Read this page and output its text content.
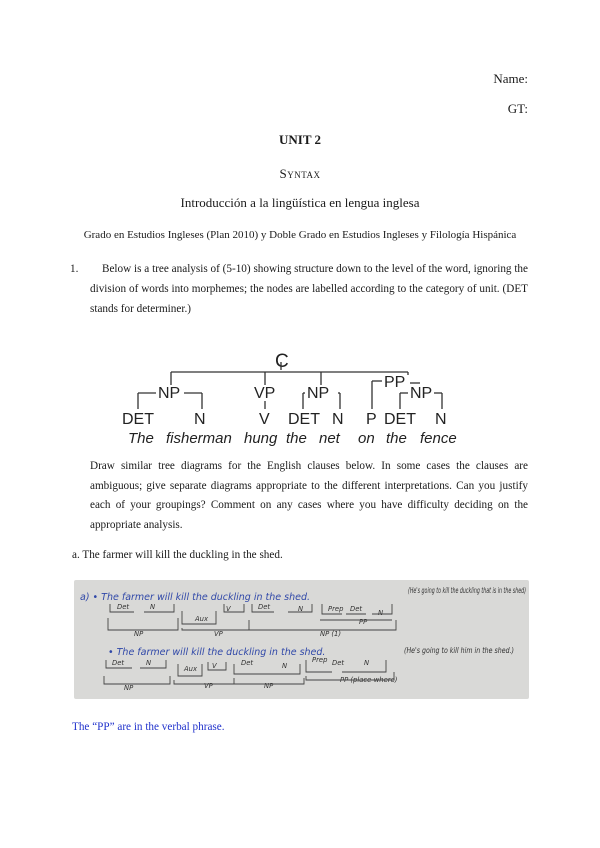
Name:
GT:
UNIT 2
Syntax
Introducción a la lingüística en lengua inglesa
Grado en Estudios Ingleses (Plan 2010) y Doble Grado en Estudios Ingleses y Filología Hispánica
1.	Below is a tree analysis of (5-10) showing structure down to the level of the word, ignoring the division of words into morphemes; the nodes are labelled according to the category of unit. (DET stands for determiner.)
C
NP	VP NP
PP
NP
DET	N	V DET N P DET N
The fisherman hung the net on the fence
Draw similar tree diagrams for the English clauses below. In some cases the clauses are ambiguous; give separate diagrams appropriate to the different interpretations. Can you justify each of your groupings? Comment on any cases where you have difficulty deciding on the appropriate analysis.
a. The farmer will kill the duckling in the shed.
a) • The farmer will kill the duckling in the shed.
(He's going to kill the duckling that is in the shed)
Det	N
Aux
V	Det	N	Prep Det N
PP
NP	VP	NP (1)
• The farmer will kill the duckling in the shed.	(He's going to kill him in the shed.)
Det	N
Aux V	Det	N
Prep Det	N
NP	VP	NP
PP (place-where)
The “PP” are in the verbal phrase.
